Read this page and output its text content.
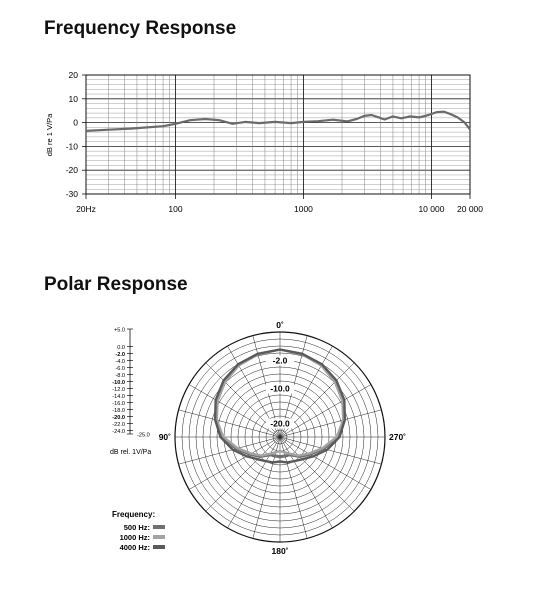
Frequency Response
20
10
0
-10
-20
-30
20Hz	100	1000	10 000 20 000
dB re 1 V/Pa
Polar Response
+5.0
0.0
-2.0
-4.0
-6.0
-8.0
-10.0
-12.0
-14.0
-16.0
-18.0
-20.0
-22.0
-24.0
-25.0
dB rel. 1V/Pa
-2.0
-10.0
-20.0
0˚
90˚
180˚
270˚
Frequency:
500 Hz:
1000 Hz:
4000 Hz:
